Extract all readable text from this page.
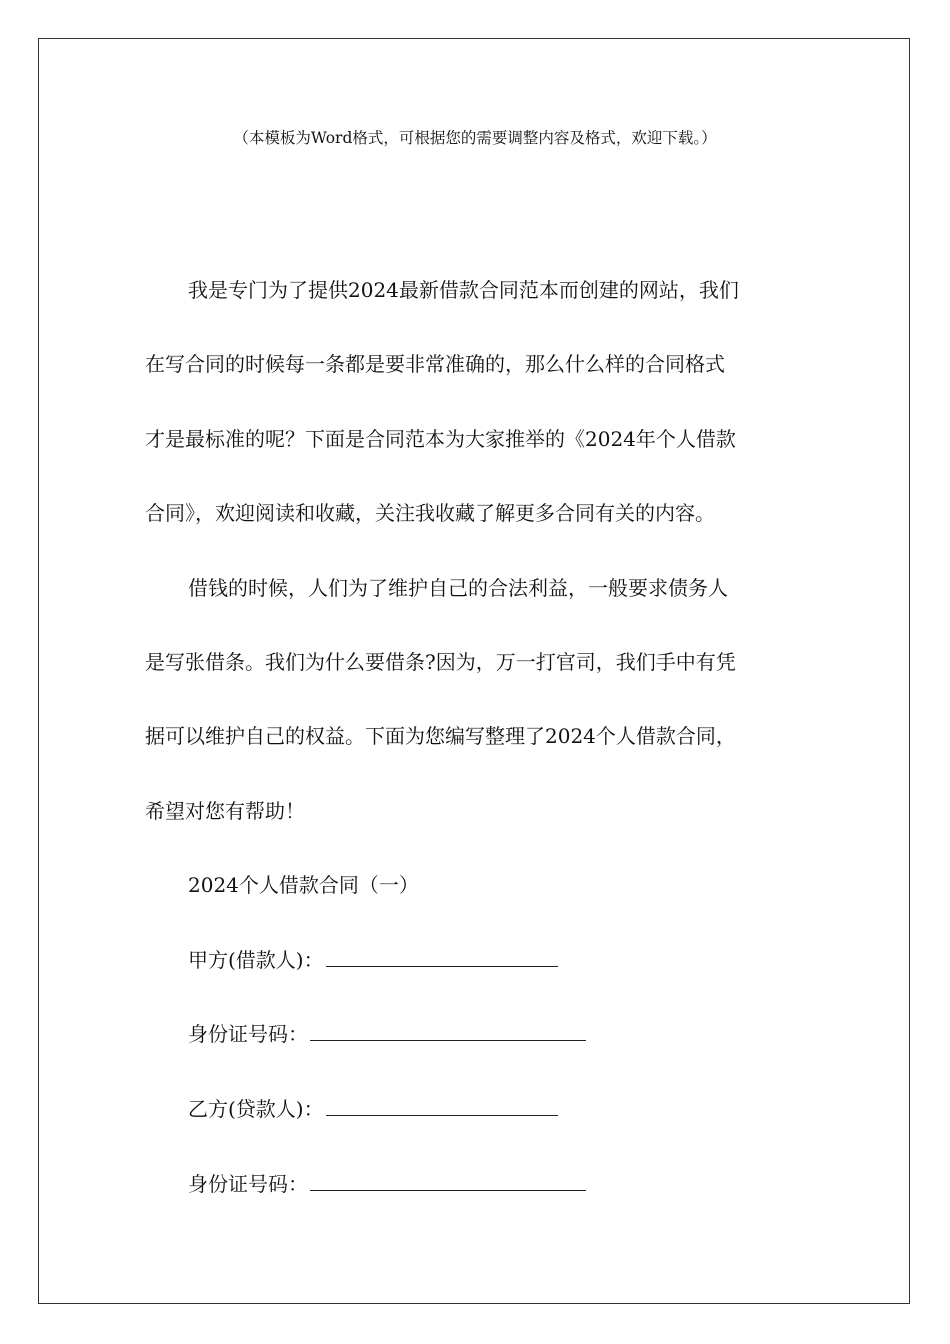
（本模板为Word格式，可根据您的需要调整内容及格式，欢迎下载。）
我是专门为了提供2024最新借款合同范本而创建的网站，我们
在写合同的时候每一条都是要非常准确的，那么什么样的合同格式
才是最标准的呢？下面是合同范本为大家推举的《2024年个人借款
合同》，欢迎阅读和收藏，关注我收藏了解更多合同有关的内容。
借钱的时候，人们为了维护自己的合法利益，一般要求债务人
是写张借条。我们为什么要借条?因为，万一打官司，我们手中有凭
据可以维护自己的权益。下面为您编写整理了2024个人借款合同，
希望对您有帮助！
2024个人借款合同（一）
甲方(借款人)：
身份证号码：
乙方(贷款人)：
身份证号码：
